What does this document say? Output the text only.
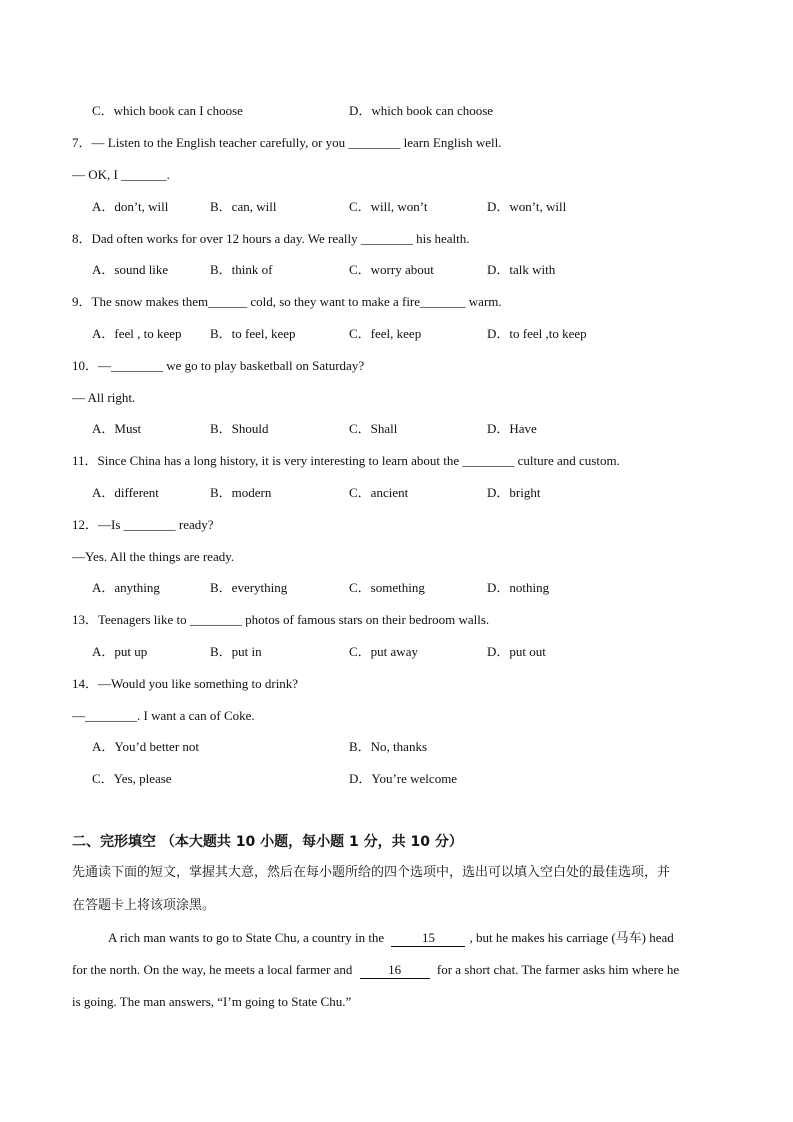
C．which book can I choose	D．which book can choose
7．— Listen to the English teacher carefully, or you ________ learn English well.
— OK, I _______.
A．don’t, will	B．can, will	C．will, won’t	D．won’t, will
8．Dad often works for over 12 hours a day. We really ________ his health.
A．sound like	B．think of	C．worry about	D．talk with
9．The snow makes them______ cold, so they want to make a fire_______ warm.
A．feel , to keep B．to feel, keep	C．feel, keep	D．to feel ,to keep
10．—________ we go to play basketball on Saturday?
— All right.
A．Must	B．Should	C．Shall	D．Have
11．Since China has a long history, it is very interesting to learn about the ________ culture and custom.
A．different	B．modern	C．ancient	D．bright
12．—Is ________ ready?
—Yes. All the things are ready.
A．anything	B．everything	C．something	D．nothing
13．Teenagers like to ________ photos of famous stars on their bedroom walls.
A．put up	B．put in	C．put away	D．put out
14．—Would you like something to drink?
—________. I want a can of Coke.
A．You’d better not	B．No, thanks
C．Yes, please	D．You’re welcome
二、完形填空 （本大题共 10 小题，每小题 1 分，共 10 分）
先通读下面的短文，掌握其大意，然后在每小题所给的四个选项中，选出可以填入空白处的最佳选项，并
在答题卡上将该项涂黑。
A rich man wants to go to State Chu, a country in the	15	, but he makes his carriage (马车) head
for the north. On the way, he meets a local farmer and	16	for a short chat. The farmer asks him where he
is going. The man answers, “I’m going to State Chu.”
